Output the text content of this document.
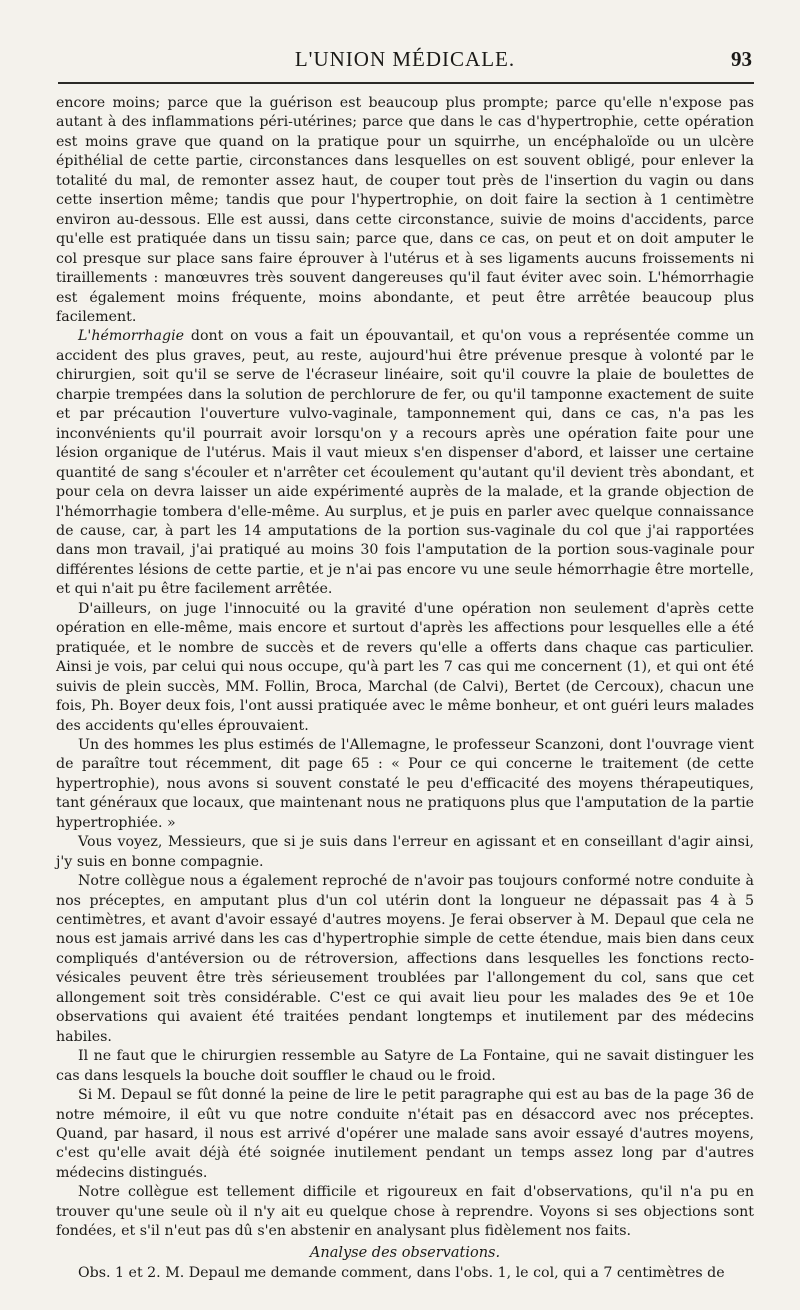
L'UNION MÉDICALE.	93

encore moins; parce que la guérison est beaucoup plus prompte; parce qu'elle n'expose pas autant à des inflammations péri-utérines; parce que dans le cas d'hypertrophie, cette opération est moins grave que quand on la pratique pour un squirrhe, un encéphaloïde ou un ulcère épithélial de cette partie, circonstances dans lesquelles on est souvent obligé, pour enlever la totalité du mal, de remonter assez haut, de couper tout près de l'insertion du vagin ou dans cette insertion même; tandis que pour l'hypertrophie, on doit faire la section à 1 centimètre environ au-dessous. Elle est aussi, dans cette circonstance, suivie de moins d'accidents, parce qu'elle est pratiquée dans un tissu sain; parce que, dans ce cas, on peut et on doit amputer le col presque sur place sans faire éprouver à l'utérus et à ses ligaments aucuns froissements ni tiraillements : manœuvres très souvent dangereuses qu'il faut éviter avec soin. L'hémorrhagie est également moins fréquente, moins abondante, et peut être arrêtée beaucoup plus facilement.

L'hémorrhagie dont on vous a fait un épouvantail, et qu'on vous a représentée comme un accident des plus graves, peut, au reste, aujourd'hui être prévenue presque à volonté par le chirurgien, soit qu'il se serve de l'écraseur linéaire, soit qu'il couvre la plaie de boulettes de charpie trempées dans la solution de perchlorure de fer, ou qu'il tamponne exactement de suite et par précaution l'ouverture vulvo-vaginale, tamponnement qui, dans ce cas, n'a pas les inconvénients qu'il pourrait avoir lorsqu'on y a recours après une opération faite pour une lésion organique de l'utérus. Mais il vaut mieux s'en dispenser d'abord, et laisser une certaine quantité de sang s'écouler et n'arrêter cet écoulement qu'autant qu'il devient très abondant, et pour cela on devra laisser un aide expérimenté auprès de la malade, et la grande objection de l'hémorrhagie tombera d'elle-même. Au surplus, et je puis en parler avec quelque connaissance de cause, car, à part les 14 amputations de la portion sus-vaginale du col que j'ai rapportées dans mon travail, j'ai pratiqué au moins 30 fois l'amputation de la portion sous-vaginale pour différentes lésions de cette partie, et je n'ai pas encore vu une seule hémorrhagie être mortelle, et qui n'ait pu être facilement arrêtée.

D'ailleurs, on juge l'innocuité ou la gravité d'une opération non seulement d'après cette opération en elle-même, mais encore et surtout d'après les affections pour lesquelles elle a été pratiquée, et le nombre de succès et de revers qu'elle a offerts dans chaque cas particulier. Ainsi je vois, par celui qui nous occupe, qu'à part les 7 cas qui me concernent (1), et qui ont été suivis de plein succès, MM. Follin, Broca, Marchal (de Calvi), Bertet (de Cercoux), chacun une fois, Ph. Boyer deux fois, l'ont aussi pratiquée avec le même bonheur, et ont guéri leurs malades des accidents qu'elles éprouvaient.

Un des hommes les plus estimés de l'Allemagne, le professeur Scanzoni, dont l'ouvrage vient de paraître tout récemment, dit page 65 : « Pour ce qui concerne le traitement (de cette hypertrophie), nous avons si souvent constaté le peu d'efficacité des moyens thérapeutiques, tant généraux que locaux, que maintenant nous ne pratiquons plus que l'amputation de la partie hypertrophiée. »

Vous voyez, Messieurs, que si je suis dans l'erreur en agissant et en conseillant d'agir ainsi, j'y suis en bonne compagnie.

Notre collègue nous a également reproché de n'avoir pas toujours conformé notre conduite à nos préceptes, en amputant plus d'un col utérin dont la longueur ne dépassait pas 4 à 5 centimètres, et avant d'avoir essayé d'autres moyens. Je ferai observer à M. Depaul que cela ne nous est jamais arrivé dans les cas d'hypertrophie simple de cette étendue, mais bien dans ceux compliqués d'antéversion ou de rétroversion, affections dans lesquelles les fonctions recto-vésicales peuvent être très sérieusement troublées par l'allongement du col, sans que cet allongement soit très considérable. C'est ce qui avait lieu pour les malades des 9e et 10e observations qui avaient été traitées pendant longtemps et inutilement par des médecins habiles.

Il ne faut que le chirurgien ressemble au Satyre de La Fontaine, qui ne savait distinguer les cas dans lesquels la bouche doit souffler le chaud ou le froid.

Si M. Depaul se fût donné la peine de lire le petit paragraphe qui est au bas de la page 36 de notre mémoire, il eût vu que notre conduite n'était pas en désaccord avec nos préceptes. Quand, par hasard, il nous est arrivé d'opérer une malade sans avoir essayé d'autres moyens, c'est qu'elle avait déjà été soignée inutilement pendant un temps assez long par d'autres médecins distingués.

Notre collègue est tellement difficile et rigoureux en fait d'observations, qu'il n'a pu en trouver qu'une seule où il n'y ait eu quelque chose à reprendre. Voyons si ses objections sont fondées, et s'il n'eut pas dû s'en abstenir en analysant plus fidèlement nos faits.

Analyse des observations.

Obs. 1 et 2. M. Depaul me demande comment, dans l'obs. 1, le col, qui a 7 centimètres de
